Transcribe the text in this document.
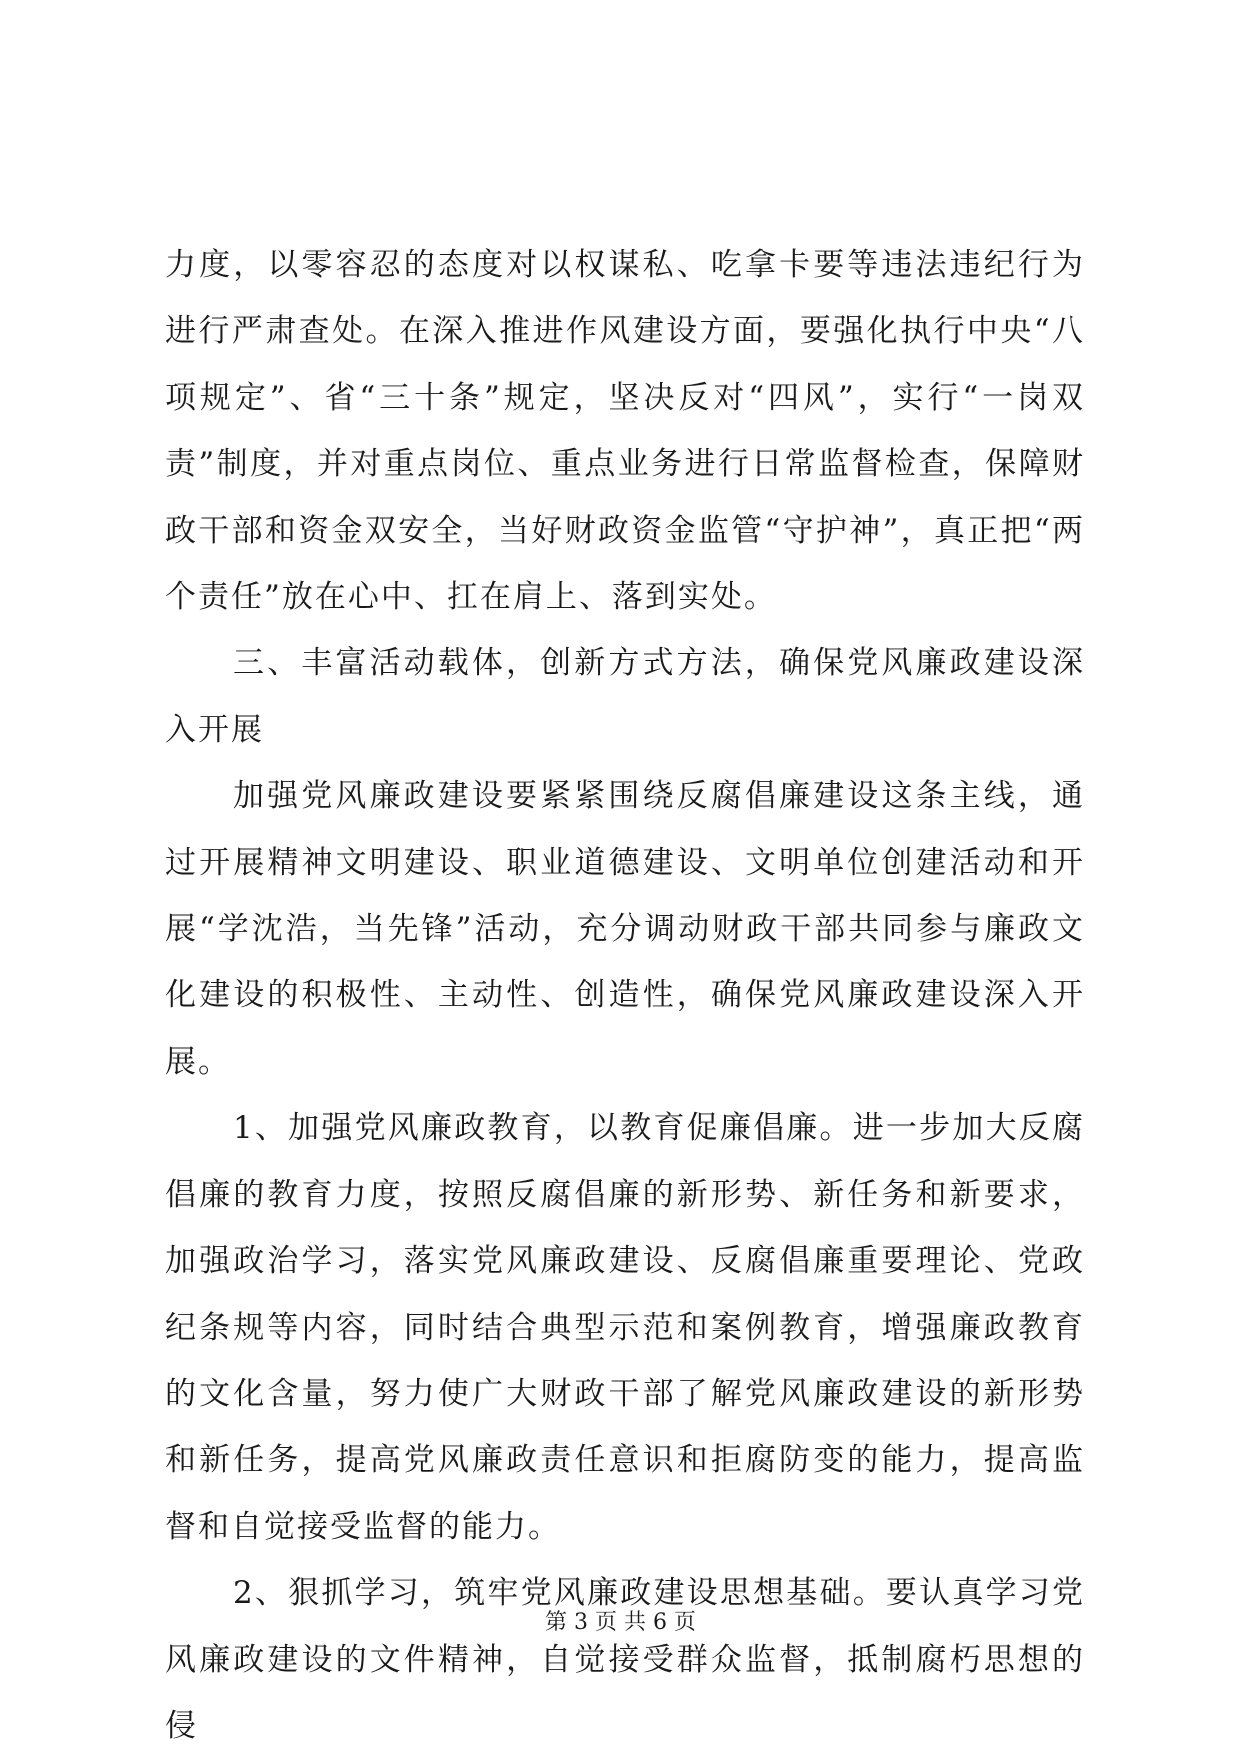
力度，以零容忍的态度对以权谋私、吃拿卡要等违法违纪行为进行严肃查处。在深入推进作风建设方面，要强化执行中央“八项规定”、省“三十条”规定，坚决反对“四风”，实行“一岗双责”制度，并对重点岗位、重点业务进行日常监督检查，保障财政干部和资金双安全，当好财政资金监管“守护神”，真正把“两个责任”放在心中、扛在肩上、落到实处。

三、丰富活动载体，创新方式方法，确保党风廉政建设深入开展

加强党风廉政建设要紧紧围绕反腐倡廉建设这条主线，通过开展精神文明建设、职业道德建设、文明单位创建活动和开展“学沈浩，当先锋”活动，充分调动财政干部共同参与廉政文化建设的积极性、主动性、创造性，确保党风廉政建设深入开展。

1、加强党风廉政教育，以教育促廉倡廉。进一步加大反腐倡廉的教育力度，按照反腐倡廉的新形势、新任务和新要求，加强政治学习，落实党风廉政建设、反腐倡廉重要理论、党政纪条规等内容，同时结合典型示范和案例教育，增强廉政教育的文化含量，努力使广大财政干部了解党风廉政建设的新形势和新任务，提高党风廉政责任意识和拒腐防变的能力，提高监督和自觉接受监督的能力。

2、狠抓学习，筑牢党风廉政建设思想基础。要认真学习党风廉政建设的文件精神，自觉接受群众监督，抵制腐朽思想的侵

第 3 页 共 6 页
